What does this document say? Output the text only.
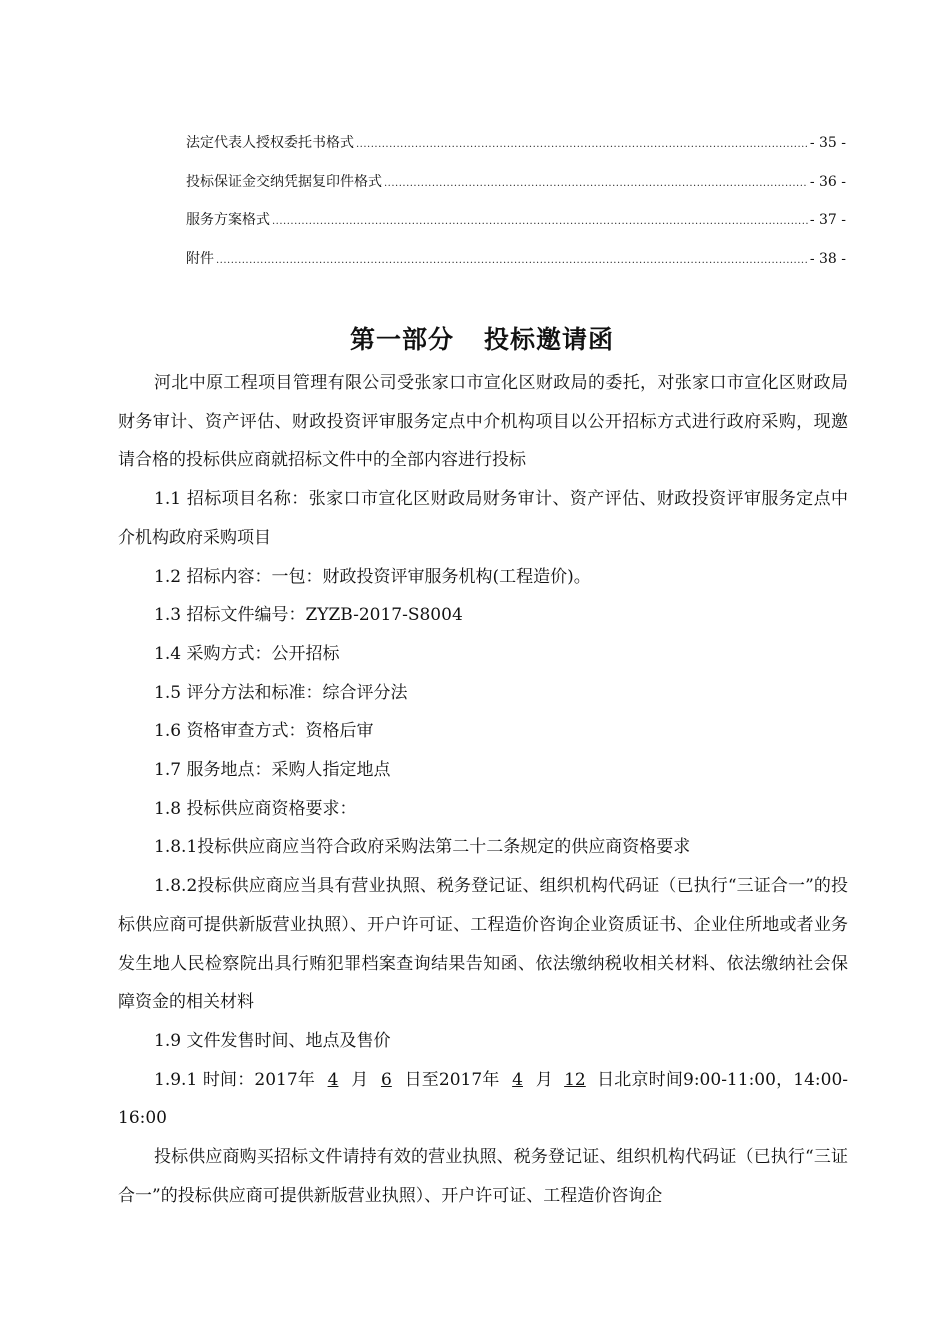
法定代表人授权委托书格式 .....	- 35 -
投标保证金交纳凭据复印件格式 .....	- 36 -
服务方案格式 .....	- 37 -
附件 .....	- 38 -
第一部分 投标邀请函

河北中原工程项目管理有限公司受张家口市宣化区财政局的委托，对张家口市宣化区财政局财务审计、资产评估、财政投资评审服务定点中介机构项目以公开招标方式进行政府采购，现邀请合格的投标供应商就招标文件中的全部内容进行投标

1.1 招标项目名称：张家口市宣化区财政局财务审计、资产评估、财政投资评审服务定点中介机构政府采购项目

1.2 招标内容：一包：财政投资评审服务机构(工程造价)。

1.3 招标文件编号：ZYZB-2017-S8004

1.4 采购方式：公开招标

1.5 评分方法和标准：综合评分法

1.6 资格审查方式：资格后审

1.7 服务地点：采购人指定地点

1.8 投标供应商资格要求：

1.8.1投标供应商应当符合政府采购法第二十二条规定的供应商资格要求

1.8.2投标供应商应当具有营业执照、税务登记证、组织机构代码证（已执行“三证合一”的投标供应商可提供新版营业执照）、开户许可证、工程造价咨询企业资质证书、企业住所地或者业务发生地人民检察院出具行贿犯罪档案查询结果告知函、依法缴纳税收相关材料、依法缴纳社会保障资金的相关材料

1.9 文件发售时间、地点及售价

1.9.1 时间：2017年 4 月 6 日至2017年 4 月 12 日北京时间9:00-11:00，14:00-16:00

投标供应商购买招标文件请持有效的营业执照、税务登记证、组织机构代码证（已执行“三证合一”的投标供应商可提供新版营业执照）、开户许可证、工程造价咨询企
